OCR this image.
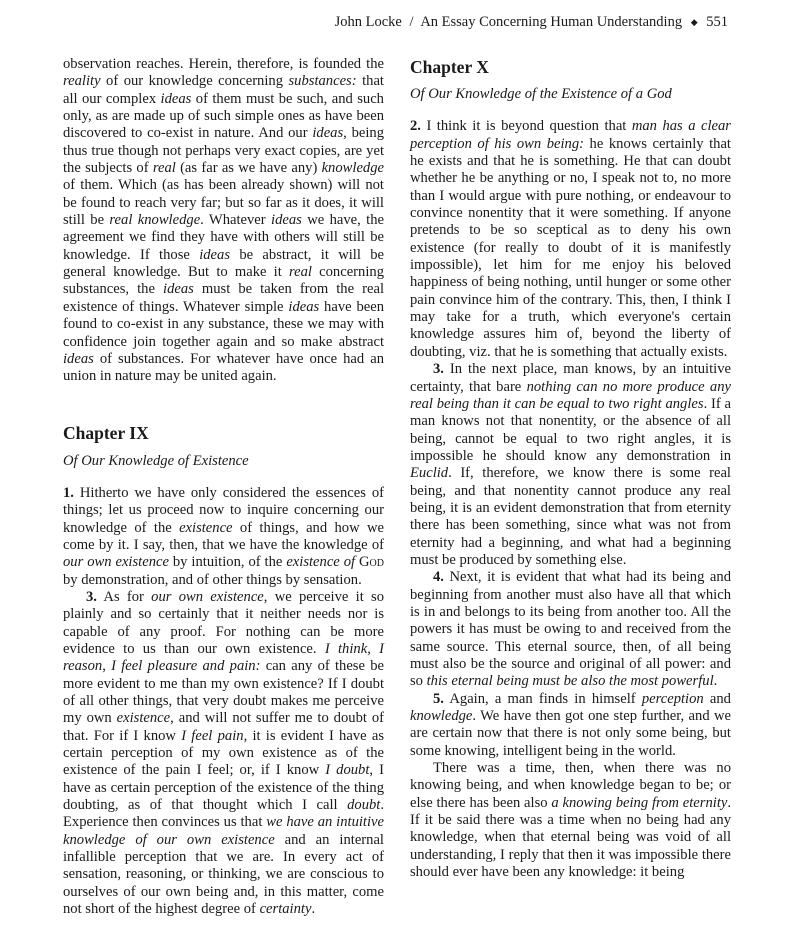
John Locke / An Essay Concerning Human Understanding ◆ 551

observation reaches. Herein, therefore, is founded the reality of our knowledge concerning substances: that all our complex ideas of them must be such, and such only, as are made up of such simple ones as have been discovered to co-exist in nature. And our ideas, being thus true though not perhaps very exact copies, are yet the subjects of real (as far as we have any) knowledge of them. Which (as has been already shown) will not be found to reach very far; but so far as it does, it will still be real knowledge. Whatever ideas we have, the agreement we find they have with others will still be knowledge. If those ideas be abstract, it will be general knowledge. But to make it real concerning substances, the ideas must be taken from the real existence of things. Whatever simple ideas have been found to co-exist in any substance, these we may with confidence join together again and so make abstract ideas of substances. For whatever have once had an union in nature may be united again.

Chapter IX

Of Our Knowledge of Existence

1. Hitherto we have only considered the essences of things; let us proceed now to inquire concerning our knowledge of the existence of things, and how we come by it. I say, then, that we have the knowledge of our own existence by intuition, of the existence of God by demonstration, and of other things by sensation.

3. As for our own existence, we perceive it so plainly and so certainly that it neither needs nor is capable of any proof. For nothing can be more evidence to us than our own existence. I think, I reason, I feel pleasure and pain: can any of these be more evident to me than my own existence? If I doubt of all other things, that very doubt makes me perceive my own existence, and will not suffer me to doubt of that. For if I know I feel pain, it is evident I have as certain perception of my own existence as of the existence of the pain I feel; or, if I know I doubt, I have as certain perception of the existence of the thing doubting, as of that thought which I call doubt. Experience then convinces us that we have an intuitive knowledge of our own existence and an internal infallible perception that we are. In every act of sensation, reasoning, or thinking, we are conscious to ourselves of our own being and, in this matter, come not short of the highest degree of certainty.

Chapter X

Of Our Knowledge of the Existence of a God

2. I think it is beyond question that man has a clear perception of his own being: he knows certainly that he exists and that he is something. He that can doubt whether he be anything or no, I speak not to, no more than I would argue with pure nothing, or endeavour to convince nonentity that it were something. If anyone pretends to be so sceptical as to deny his own existence (for really to doubt of it is manifestly impossible), let him for me enjoy his beloved happiness of being nothing, until hunger or some other pain convince him of the contrary. This, then, I think I may take for a truth, which everyone's certain knowledge assures him of, beyond the liberty of doubting, viz. that he is something that actually exists.

3. In the next place, man knows, by an intuitive certainty, that bare nothing can no more produce any real being than it can be equal to two right angles. If a man knows not that nonentity, or the absence of all being, cannot be equal to two right angles, it is impossible he should know any demonstration in Euclid. If, therefore, we know there is some real being, and that nonentity cannot produce any real being, it is an evident demonstration that from eternity there has been something, since what was not from eternity had a beginning, and what had a beginning must be produced by something else.

4. Next, it is evident that what had its being and beginning from another must also have all that which is in and belongs to its being from another too. All the powers it has must be owing to and received from the same source. This eternal source, then, of all being must also be the source and original of all power: and so this eternal being must be also the most powerful.

5. Again, a man finds in himself perception and knowledge. We have then got one step further, and we are certain now that there is not only some being, but some knowing, intelligent being in the world.

There was a time, then, when there was no knowing being, and when knowledge began to be; or else there has been also a knowing being from eternity. If it be said there was a time when no being had any knowledge, when that eternal being was void of all understanding, I reply that then it was impossible there should ever have been any knowledge: it being
